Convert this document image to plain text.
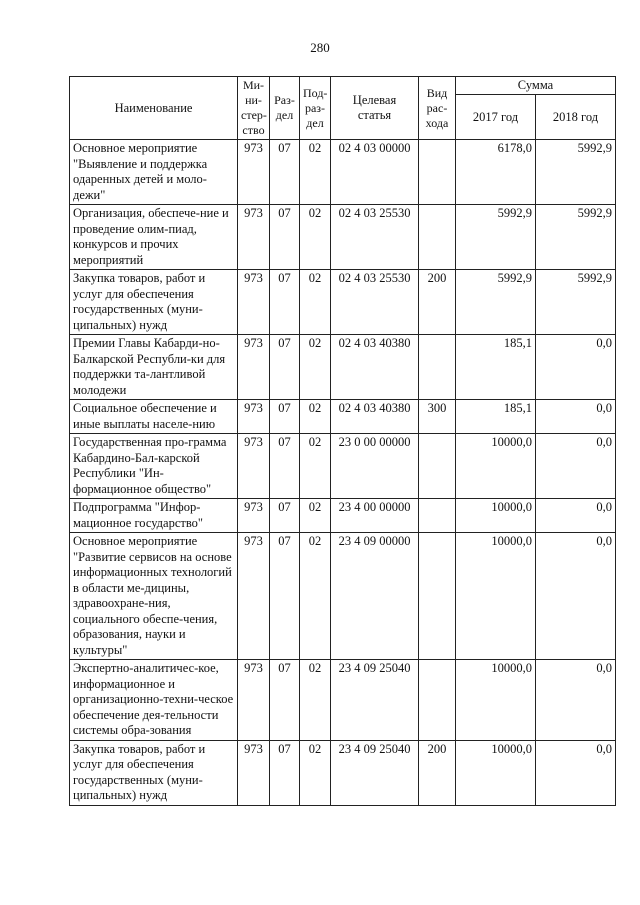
280
Наименование	Ми-
ни-
стер-
ство	Раз-
дел	Под-
раз-
дел	Целевая
статья	Вид
рас-
хода	Сумма	
						2017 год	2018 год
Основное мероприятие "Выявление и поддержка одаренных детей и моло-дежи"	973	07	02	02 4 03 00000		6178,0	5992,9
Организация, обеспече-ние и проведение олим-пиад, конкурсов и прочих мероприятий	973	07	02	02 4 03 25530		5992,9	5992,9
Закупка товаров, работ и услуг для обеспечения государственных (муни-ципальных) нужд	973	07	02	02 4 03 25530	200	5992,9	5992,9
Премии Главы Кабарди-но-Балкарской Республи-ки для поддержки та-лантливой молодежи	973	07	02	02 4 03 40380		185,1	0,0
Социальное обеспечение и иные выплаты населе-нию	973	07	02	02 4 03 40380	300	185,1	0,0
Государственная про-грамма Кабардино-Бал-карской Республики "Ин-формационное общество"	973	07	02	23 0 00 00000		10000,0	0,0
Подпрограмма "Инфор-мационное государство"	973	07	02	23 4 00 00000		10000,0	0,0
Основное мероприятие "Развитие сервисов на основе информационных технологий в области ме-дицины, здравоохране-ния, социального обеспе-чения, образования, науки и культуры"	973	07	02	23 4 09 00000		10000,0	0,0
Экспертно-аналитичес-кое, информационное и организационно-техни-ческое обеспечение дея-тельности системы обра-зования	973	07	02	23 4 09 25040		10000,0	0,0
Закупка товаров, работ и услуг для обеспечения государственных (муни-ципальных) нужд	973	07	02	23 4 09 25040	200	10000,0	0,0
